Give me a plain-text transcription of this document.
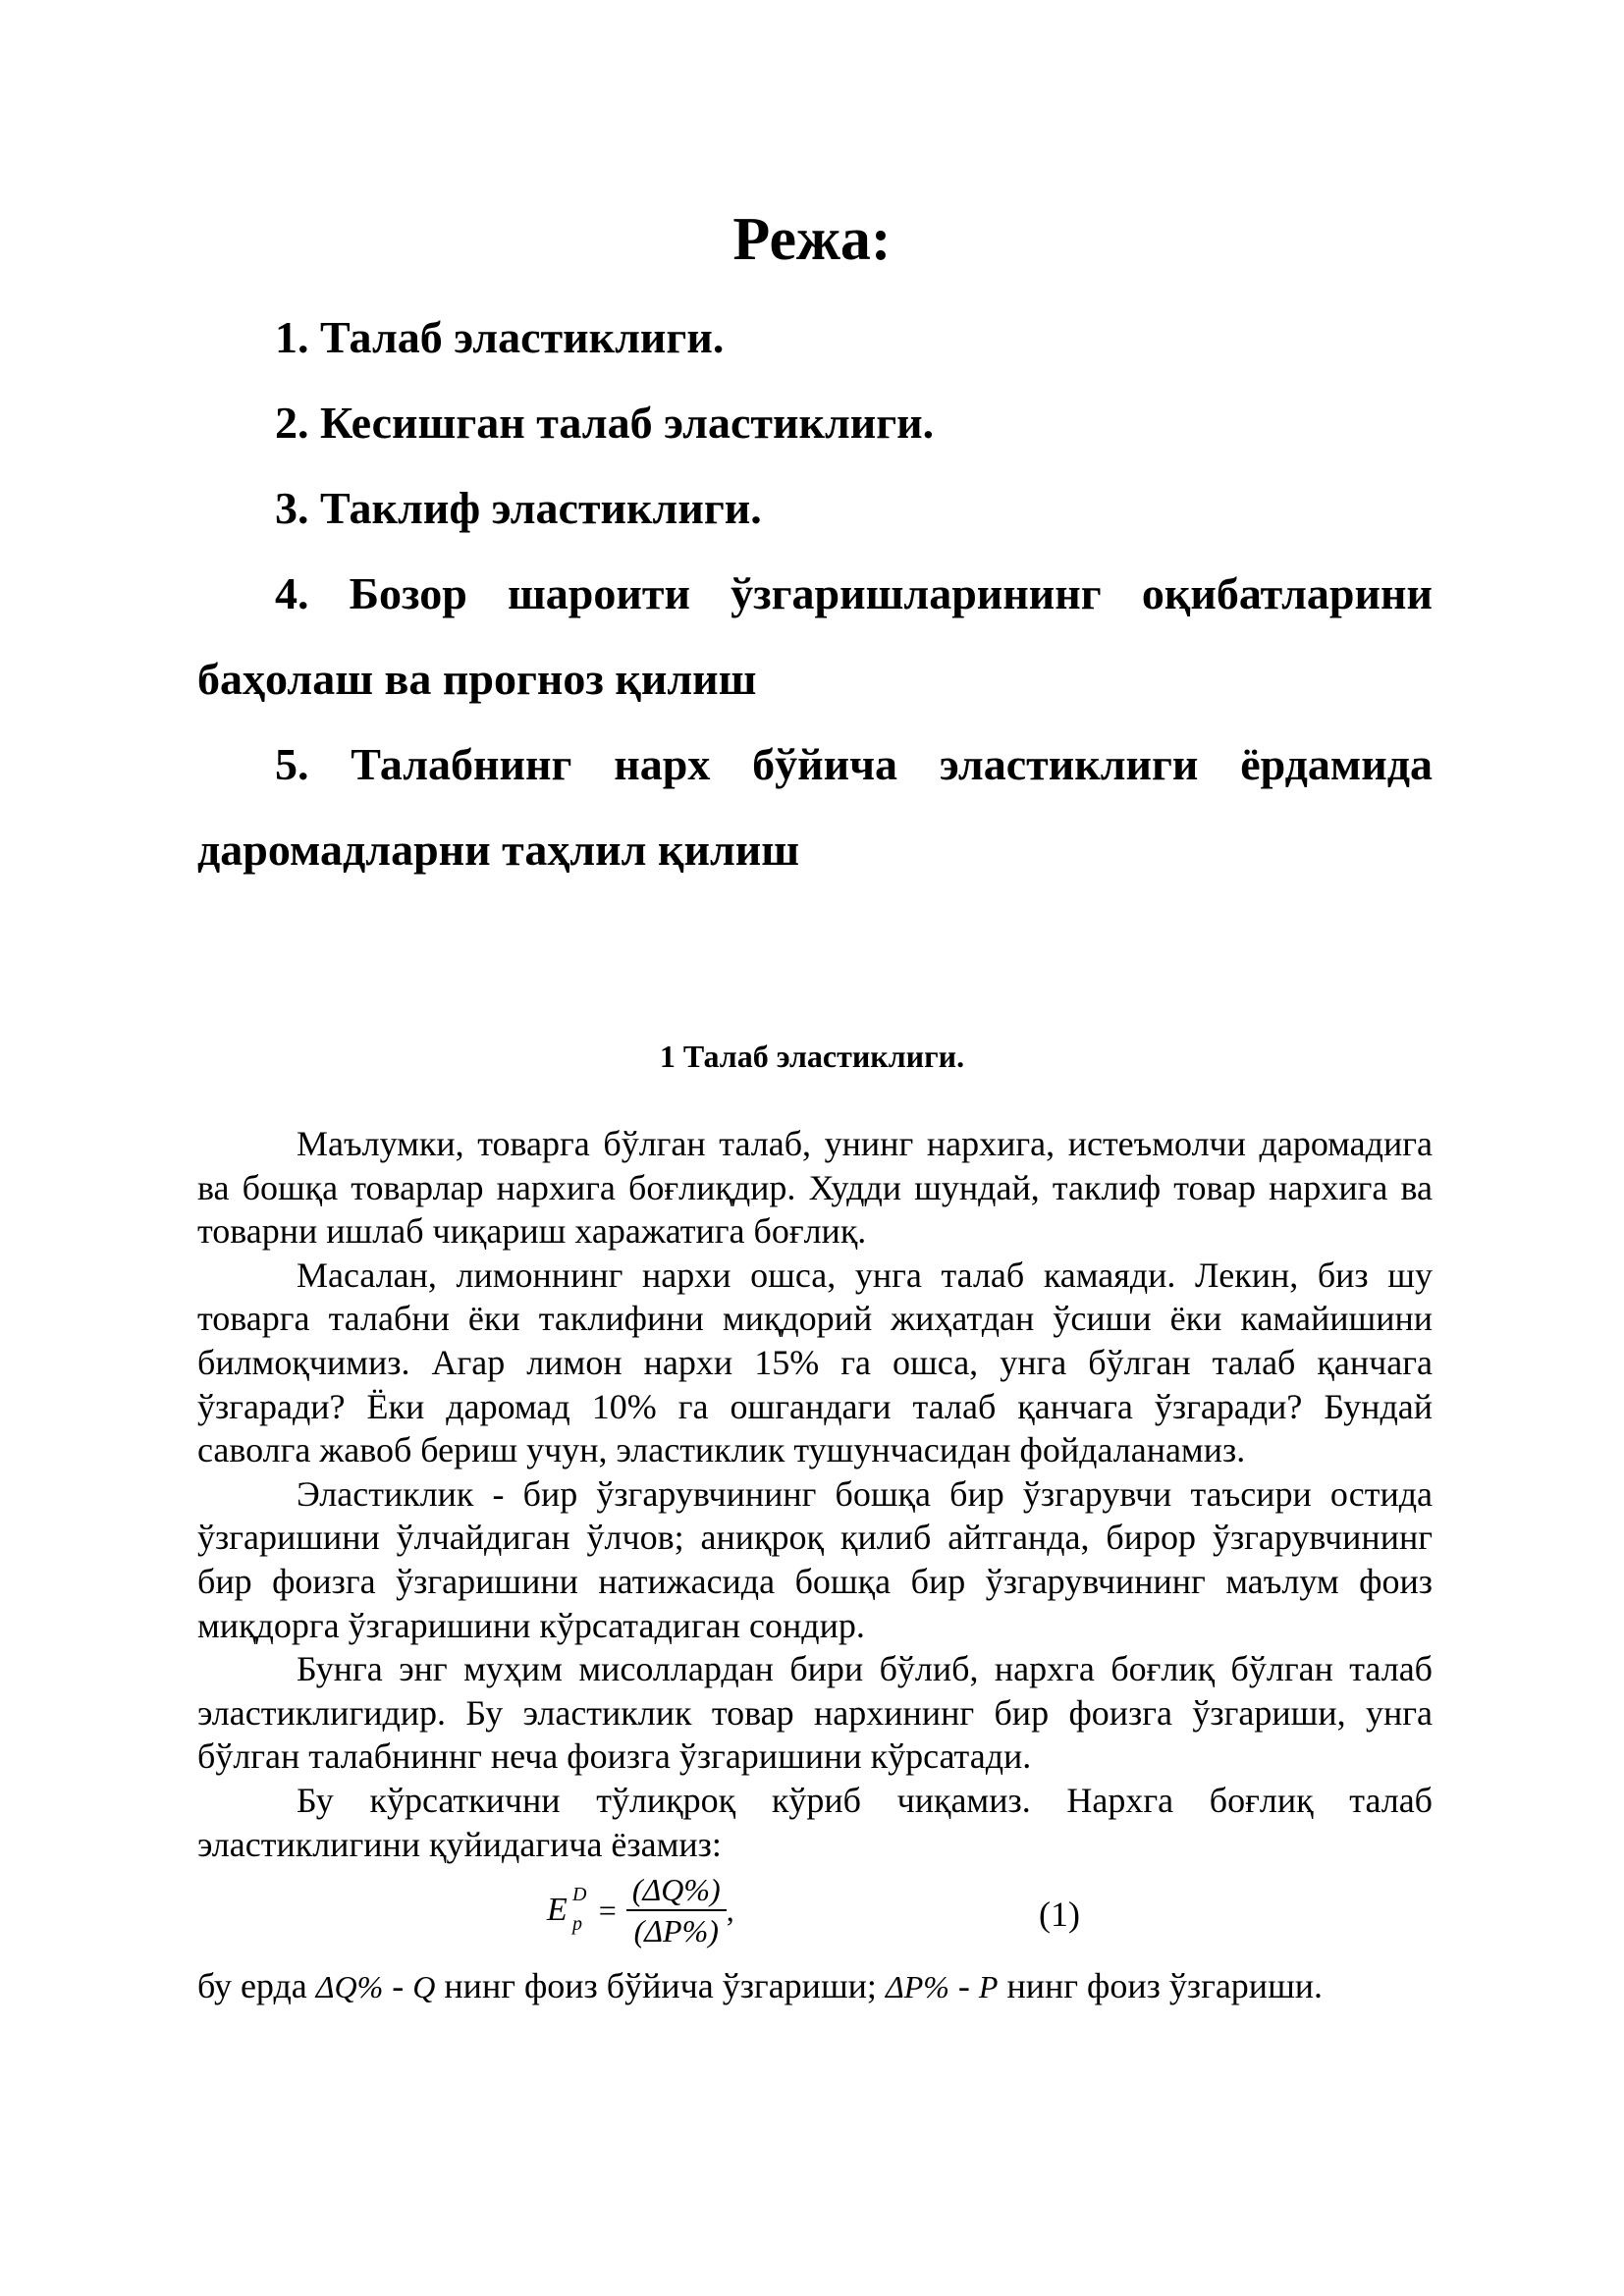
Режа:
1. Талаб эластиклиги.
2. Кесишган талаб эластиклиги.
3. Таклиф эластиклиги.
4. Бозор шароити ўзгаришларининг оқибатларини баҳолаш ва прогноз қилиш
5. Талабнинг нарх бўйича эластиклиги ёрдамида даромадларни таҳлил қилиш
1 Талаб эластиклиги.

Маълумки, товарга бўлган талаб, унинг нархига, истеъмолчи даромадига ва бошқа товарлар нархига боғлиқдир. Худди шундай, таклиф товар нархига ва товарни ишлаб чиқариш харажатига боғлиқ.

Масалан, лимоннинг нархи ошса, унга талаб камаяди. Лекин, биз шу товарга талабни ёки таклифини миқдорий жиҳатдан ўсиши ёки камайишини билмоқчимиз. Агар лимон нархи 15% га ошса, унга бўлган талаб қанчага ўзгаради? Ёки даромад 10% га ошгандаги талаб қанчага ўзгаради? Бундай саволга жавоб бериш учун, эластиклик тушунчасидан фойдаланамиз.

Эластиклик - бир ўзгарувчининг бошқа бир ўзгарувчи таъсири остида ўзгаришини ўлчайдиган ўлчов; аниқроқ қилиб айтганда, бирор ўзгарувчининг бир фоизга ўзгаришини натижасида бошқа бир ўзгарувчининг маълум фоиз миқдорга ўзгаришини кўрсатадиган сондир.

Бунга энг муҳим мисоллардан бири бўлиб, нархга боғлиқ бўлган талаб эластиклигидир. Бу эластиклик товар нархининг бир фоизга ўзгариши, унга бўлган талабниннг неча фоизга ўзгаришини кўрсатади.

Бу кўрсаткични тўлиқроқ кўриб чиқамиз. Нархга боғлиқ талаб эластиклигини қуйидагича ёзамиз:

E D
$p = \frac{(\Delta Q\%)}{(\Delta P\%)}$ ,	(1)

бу ерда ΔQ% - Q нинг фоиз бўйича ўзгариши; ΔP% - P нинг фоиз ўзгариши.
